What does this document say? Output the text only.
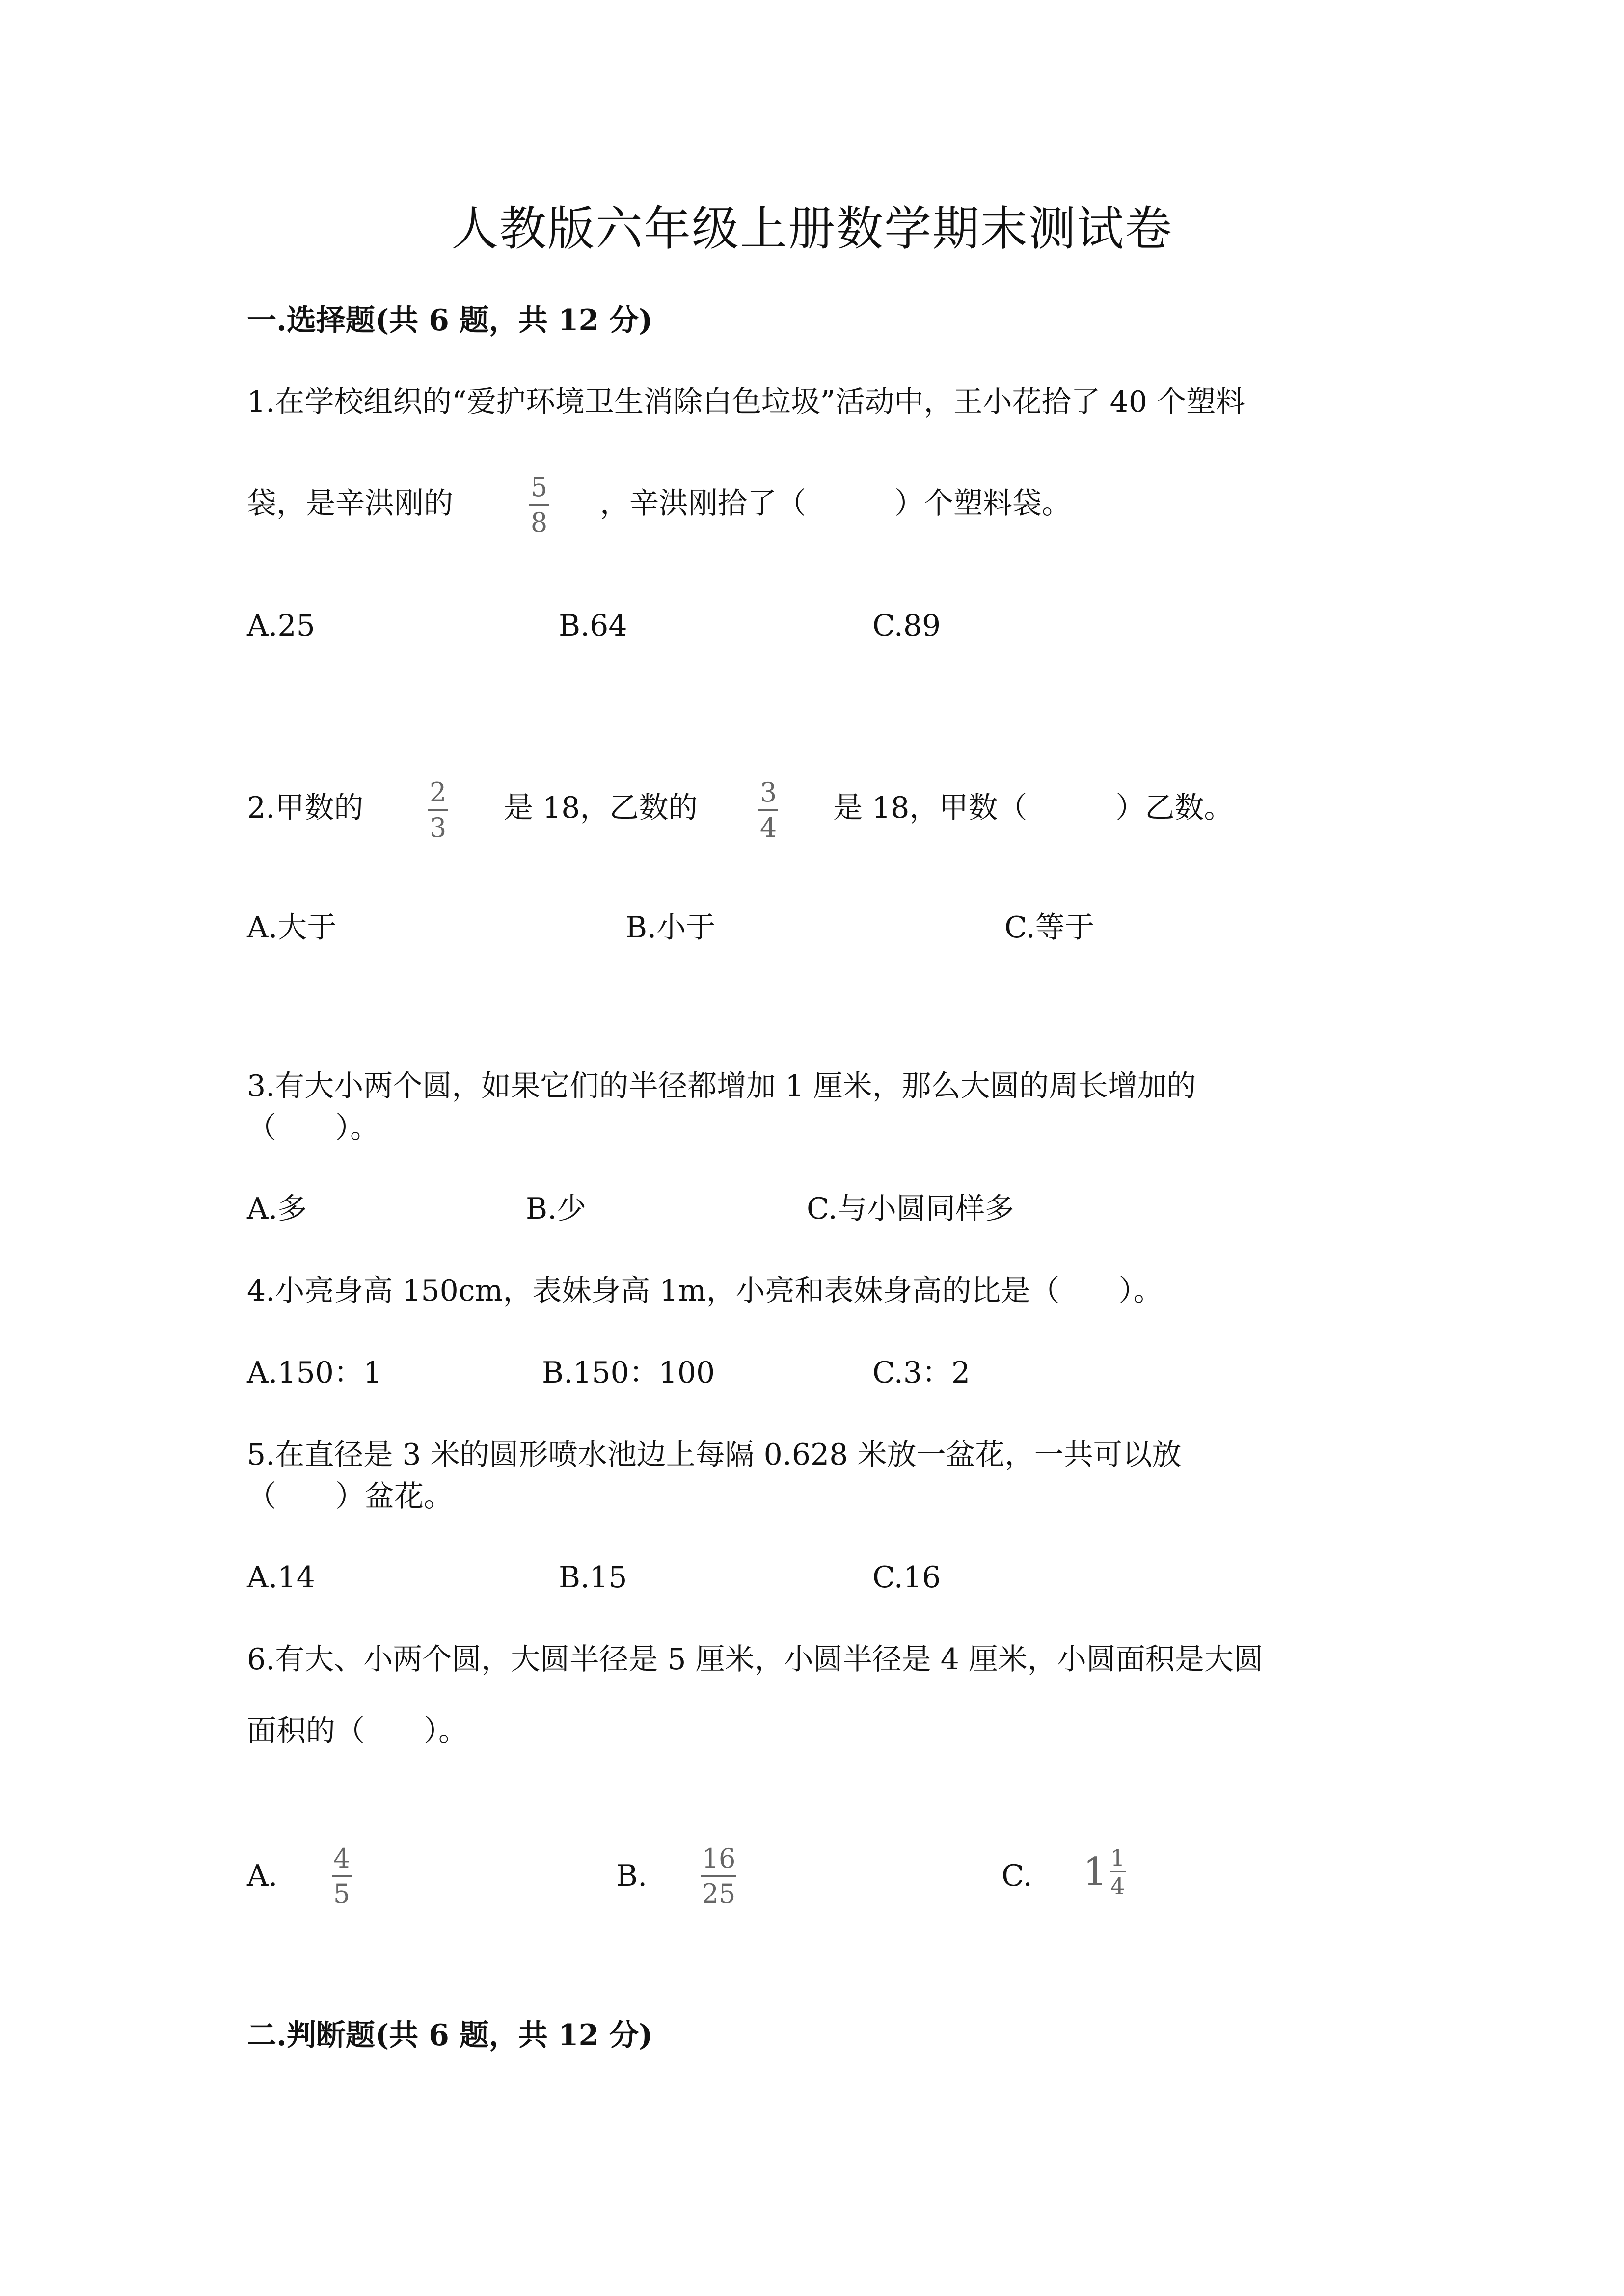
人教版六年级上册数学期末测试卷
一.选择题(共 6 题，共 12 分)
1.在学校组织的“爱护环境卫生消除白色垃圾”活动中，王小花拾了 40 个塑料
袋，是辛洪刚的	5
8
，辛洪刚拾了（　　　）个塑料袋。
A.25	B.64	C.89
2.甲数的 2
3
是 18，乙数的 3
4
是 18，甲数（　　　）乙数。
A.大于	B.小于	C.等于
3.有大小两个圆，如果它们的半径都增加 1 厘米，那么大圆的周长增加的
（　　）。
A.多	B.少	C.与小圆同样多
4.小亮身高 150cm，表妹身高 1m，小亮和表妹身高的比是（　　）。
A.150：1	B.150：100	C.3：2
5.在直径是 3 米的圆形喷水池边上每隔 0.628 米放一盆花，一共可以放
（　　）盆花。
A.14	B.15	C.16
6.有大、小两个圆，大圆半径是 5 厘米，小圆半径是 4 厘米，小圆面积是大圆
面积的（　　）。
A.
4
5
B.
16
25
C. $1 \frac{1}{4}$
二.判断题(共 6 题，共 12 分)
